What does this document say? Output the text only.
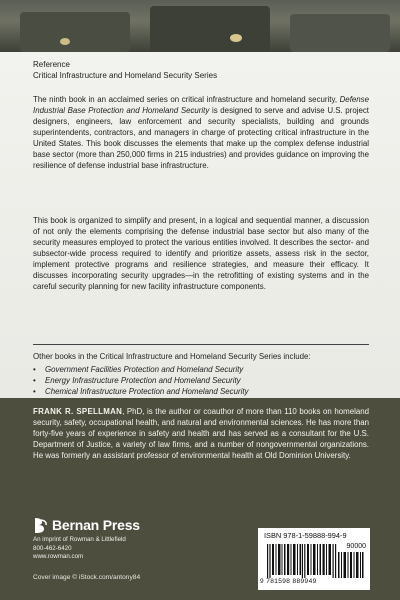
Reference
Critical Infrastructure and Homeland Security Series
The ninth book in an acclaimed series on critical infrastructure and homeland security, Defense Industrial Base Protection and Homeland Security is designed to serve and advise U.S. project designers, engineers, law enforcement and security specialists, building and grounds superintendents, contractors, and managers in charge of protecting critical infrastructure in the United States. This book discusses the elements that make up the complex defense industrial base sector (more than 250,000 firms in 215 industries) and provides guidance on improving the resilience of defense industrial base infrastructure.
This book is organized to simplify and present, in a logical and sequential manner, a discussion of not only the elements comprising the defense industrial base sector but also many of the security measures employed to protect the various entities involved. It describes the sector- and subsector-wide process required to identify and prioritize assets, assess risk in the sector, implement protective programs and resilience strategies, and measure their efficacy. It discusses incorporating security upgrades—in the retrofitting of existing systems and in the careful security planning for new facility infrastructure components.
Other books in the Critical Infrastructure and Homeland Security Series include:
• Government Facilities Protection and Homeland Security
• Energy Infrastructure Protection and Homeland Security
• Chemical Infrastructure Protection and Homeland Security
FRANK R. SPELLMAN, PhD, is the author or coauthor of more than 110 books on homeland security, safety, occupational health, and natural and environmental sciences. He has more than forty-five years of experience in safety and health and has served as a consultant for the U.S. Department of Justice, a variety of law firms, and a number of nongovernmental organizations. He was formerly an assistant professor of environmental health at Old Dominion University.
Bernan Press
An imprint of Rowman & Littlefield
800-462-6420
www.rowman.com
Cover image © iStock.com/antony84
ISBN 978-1-59888-994-9
90000
9 781598 889949
